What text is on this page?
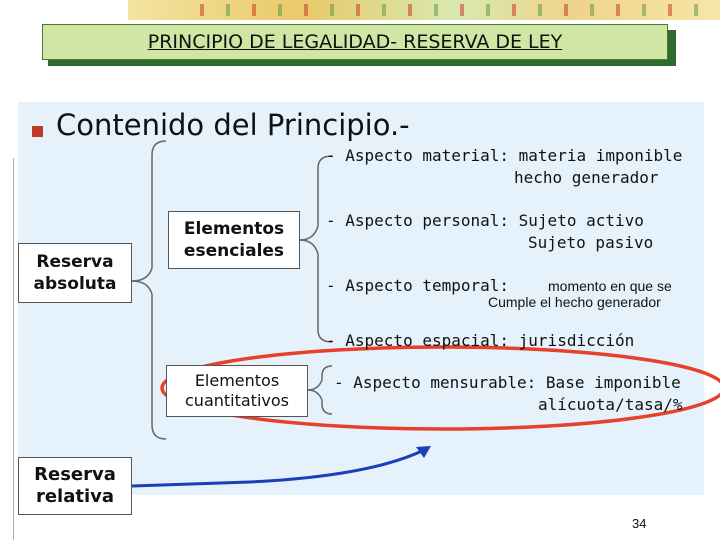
PRINCIPIO DE LEGALIDAD- RESERVA DE LEY
Contenido del Principio.-
Reserva absoluta
Elementos esenciales
Elementos cuantitativos
Reserva relativa
- Aspecto material: materia imponible
hecho generador
- Aspecto personal: Sujeto activo
Sujeto pasivo
- Aspecto temporal:	momento en que se
Cumple el hecho generador
- Aspecto espacial: jurisdicción
- Aspecto mensurable: Base imponible
alícuota/tasa/%
34
